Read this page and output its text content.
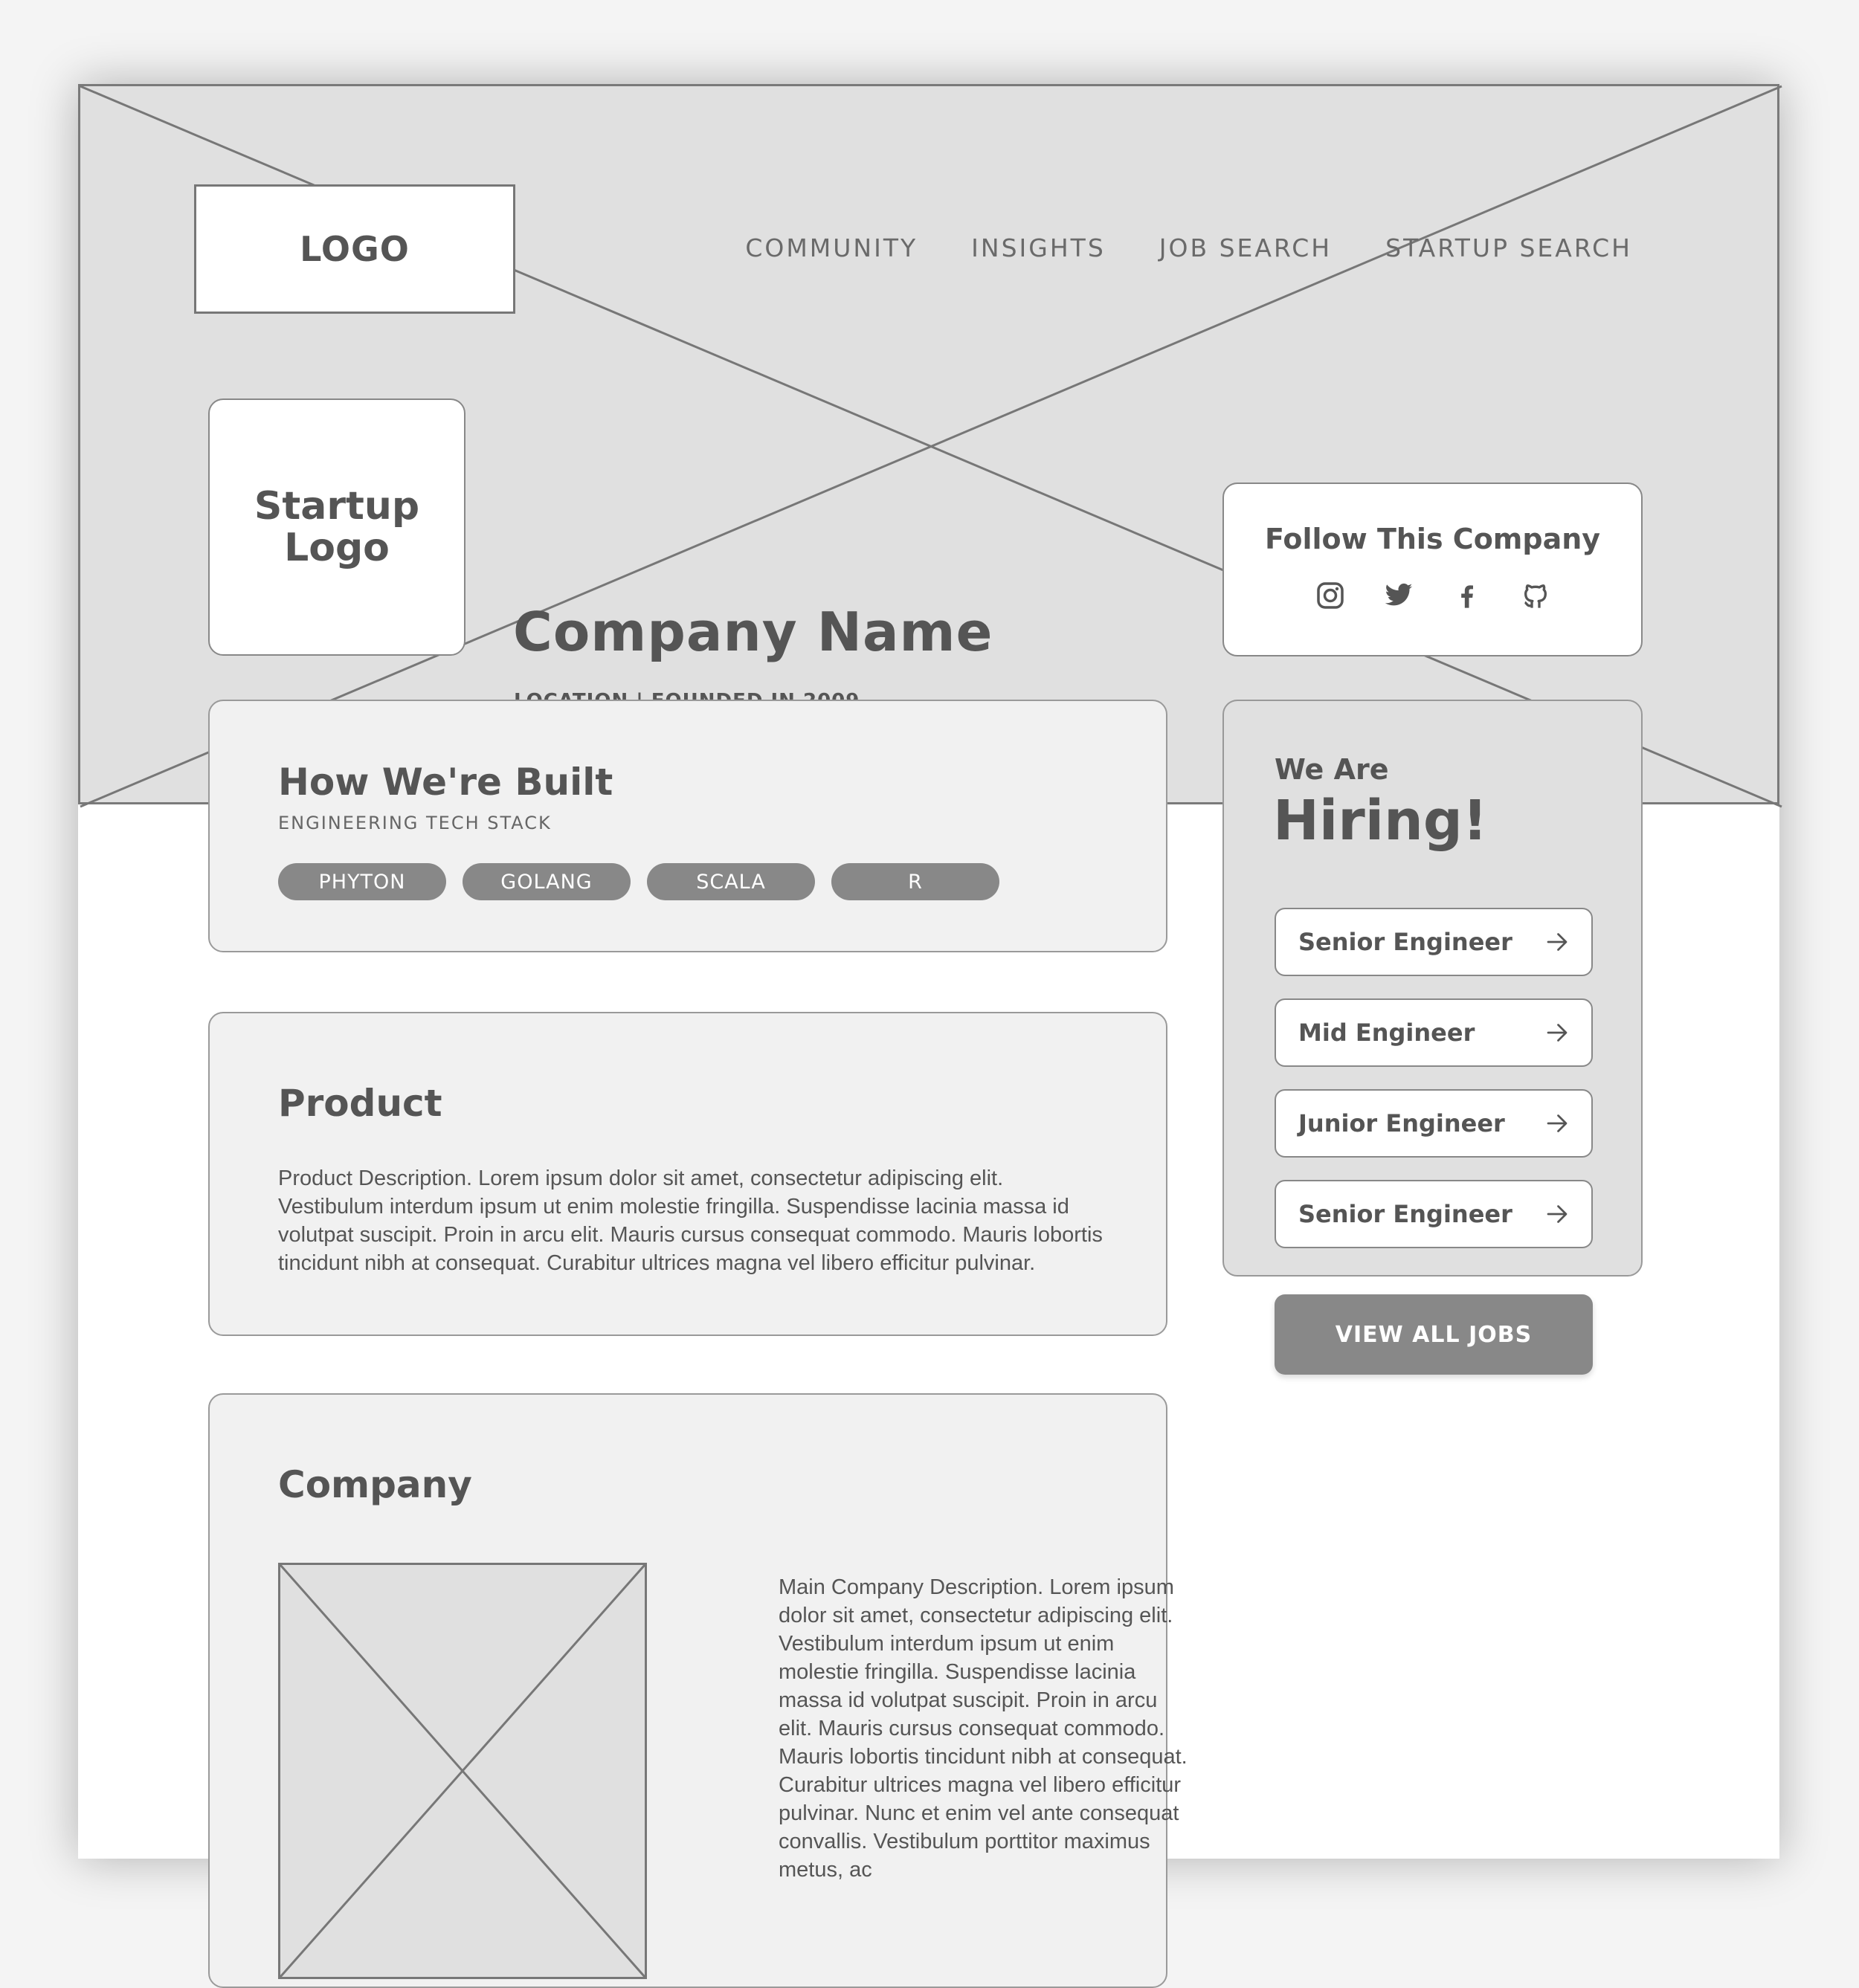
LOGO	COMMUNITY INSIGHTS JOB SEARCH STARTUP SEARCH
Startup
Logo
Company Name
Follow This Company
How We're Built
ENGINEERING TECH STACK
PHYTON	GOLANG	SCALA	R
Product
Product Description. Lorem ipsum dolor sit amet, consectetur adipiscing elit. Vestibulum interdum ipsum ut enim molestie fringilla. Suspendisse lacinia massa id volutpat suscipit. Proin in arcu elit. Mauris cursus consequat commodo. Mauris lobortis tincidunt nibh at consequat. Curabitur ultrices magna vel libero efficitur pulvinar.
Company
Main Company Description. Lorem ipsum dolor sit amet, consectetur adipiscing elit. Vestibulum interdum ipsum ut enim molestie fringilla. Suspendisse lacinia massa id volutpat suscipit. Proin in arcu elit. Mauris cursus consequat commodo. Mauris lobortis tincidunt nibh at consequat. Curabitur ultrices magna vel libero efficitur pulvinar. Nunc et enim vel ante consequat convallis. Vestibulum porttitor maximus metus, ac
We Are
Hiring!
Senior Engineer
Mid Engineer
Junior Engineer
Senior Engineer
VIEW ALL JOBS
